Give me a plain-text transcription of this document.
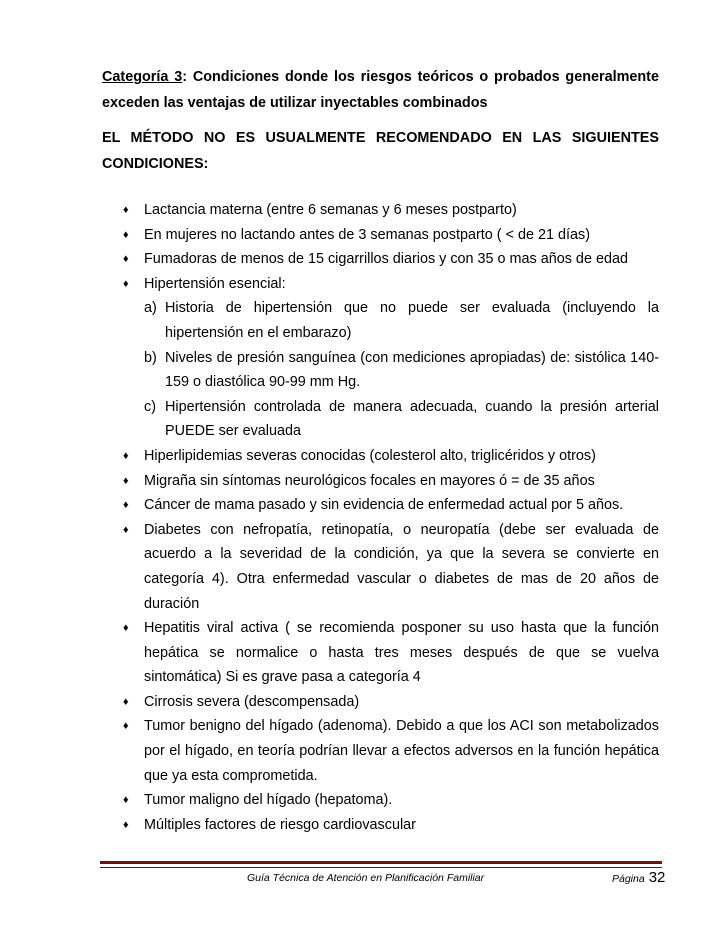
Categoría 3: Condiciones donde los riesgos teóricos o probados generalmente
exceden las ventajas de utilizar inyectables combinados
EL MÉTODO NO ES USUALMENTE RECOMENDADO EN LAS SIGUIENTES
CONDICIONES:
♦ Lactancia materna (entre 6 semanas y 6 meses postparto)
♦ En mujeres no lactando antes de 3 semanas postparto ( < de 21 días)
♦ Fumadoras de menos de 15 cigarrillos diarios y con 35 o mas años de edad
♦ Hipertensión esencial:
a) Historia de hipertensión que no puede ser evaluada (incluyendo la hipertensión en el embarazo)
b) Niveles de presión sanguínea (con mediciones apropiadas) de: sistólica 140-159 o diastólica 90-99 mm Hg.
c) Hipertensión controlada de manera adecuada, cuando la presión arterial PUEDE ser evaluada
♦ Hiperlipidemias severas conocidas (colesterol alto, triglicéridos y otros)
♦ Migraña sin síntomas neurológicos focales en mayores ó = de 35 años
♦ Cáncer de mama pasado y sin evidencia de enfermedad actual por 5 años.
♦ Diabetes con nefropatía, retinopatía, o neuropatía (debe ser evaluada de acuerdo a la severidad de la condición, ya que la severa se convierte en categoría 4). Otra enfermedad vascular o diabetes de mas de 20 años de duración
♦ Hepatitis viral activa ( se recomienda posponer su uso hasta que la función hepática se normalice o hasta tres meses después de que se vuelva sintomática) Si es grave pasa a categoría 4
♦ Cirrosis severa (descompensada)
♦ Tumor benigno del hígado (adenoma). Debido a que los ACI son metabolizados por el hígado, en teoría podrían llevar a efectos adversos en la función hepática que ya esta comprometida.
♦ Tumor maligno del hígado (hepatoma).
♦ Múltiples factores de riesgo cardiovascular
Guía Técnica de Atención en Planificación Familiar	Página 32
